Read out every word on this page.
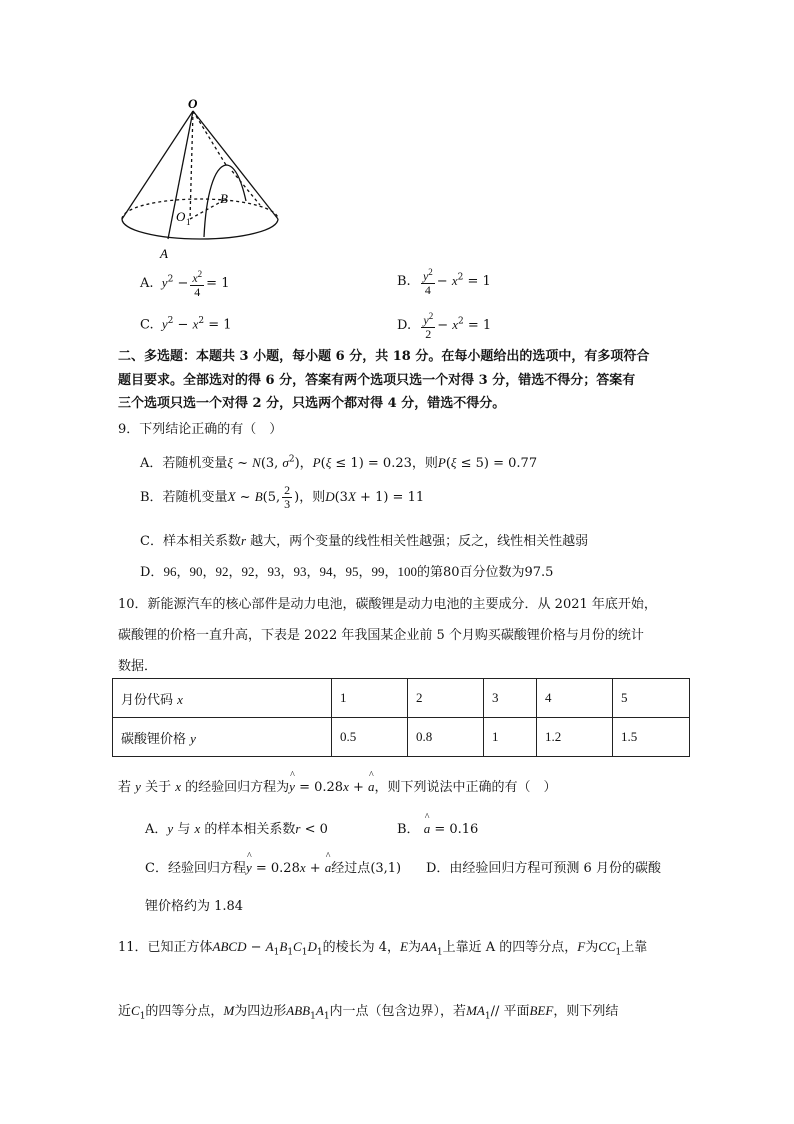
O
O 1
B
A
A. $y^2 - \frac{x^2}{4} = 1$	B. $\frac{y^2}{4} - x^2 = 1$
C. $y^2 - x^2 = 1$	D. $\frac{y^2}{2} - x^2 = 1$
二、多选题：本题共 3 小题，每小题 6 分，共 18 分。在每小题给出的选项中，有多项符合
题目要求。全部选对的得 6 分，答案有两个选项只选一个对得 3 分，错选不得分；答案有
三个选项只选一个对得 2 分，只选两个都对得 4 分，错选不得分。
9．下列结论正确的有（　）
A．若随机变量ξ ~ N(3, $\sigma^2$)，P(ξ ≤ 1) = 0.23，则P(ξ ≤ 5) = 0.77
B．若随机变量X ~ B(5, $\frac{2}{3}$ )，则D(3X + 1) = 11
C．样本相关系数r 越大，两个变量的线性相关性越强；反之，线性相关性越弱
D．96，90，92，92，93，93，94，95，99，100的第80百分位数为97.5
10．新能源汽车的核心部件是动力电池，碳酸锂是动力电池的主要成分．从 2021 年底开始，
碳酸锂的价格一直升高，下表是 2022 年我国某企业前 5 个月购买碳酸锂价格与月份的统计
数据．
月份代码 x	1	2	3	4	5
碳酸锂价格 y	0.5	0.8	1	1.2	1.5
若 y 关于 x 的经验回归方程为^ y = 0.28x + ^ a，则下列说法中正确的有（　）
A．y 与 x 的样本相关系数r < 0	B． ^ a = 0.16
C．经验回归方程^ y = 0.28x + ^ a经过点(3,1) D．由经验回归方程可预测 6 月份的碳酸
锂价格约为 1.84
11．已知正方体ABCD − $A_1B_1C_1D_1$的棱长为 4，E为$AA_1$上靠近 A 的四等分点，F为$CC_1$上靠
近$C_1$的四等分点，M为四边形$ABB_1A_1$内一点（包含边界），若$MA_1//$ 平面BEF，则下列结
